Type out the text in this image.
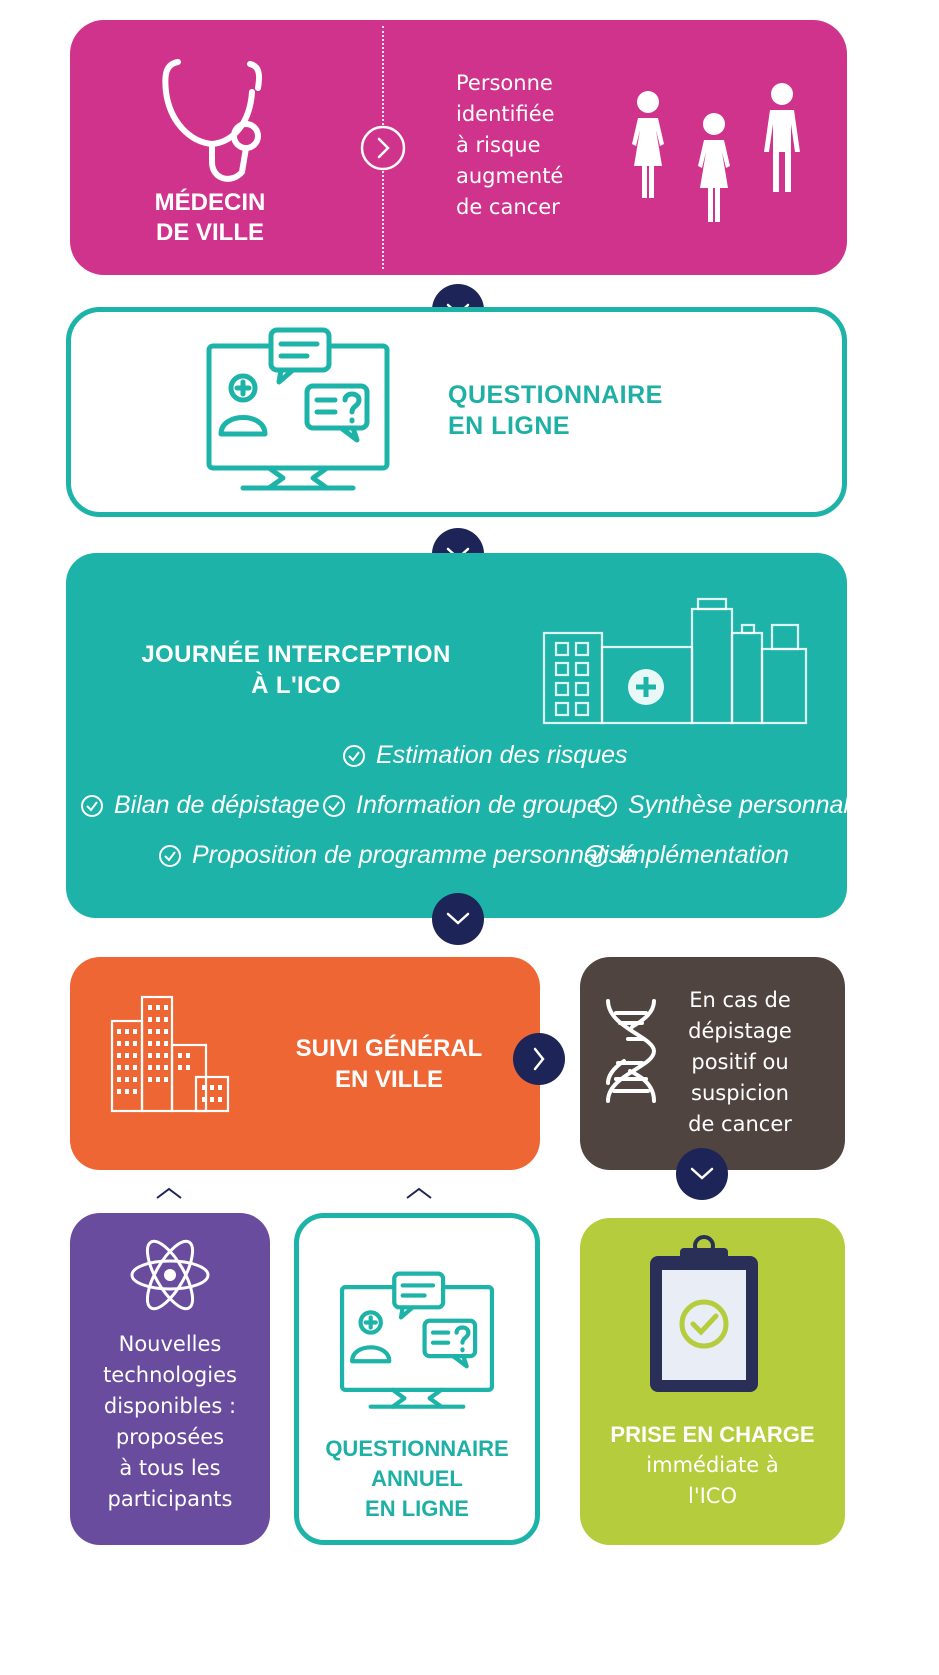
MÉDECIN
DE VILLE
Personne
identifiée
à risque
augmenté
de cancer
QUESTIONNAIRE
EN LIGNE
JOURNÉE INTERCEPTION
À L'ICO
Estimation des risques
Bilan de dépistage Information de groupe Synthèse personnalisée
Proposition de programme personnalisé
Implémentation
SUIVI GÉNÉRAL
EN VILLE
En cas de
dépistage
positif ou
suspicion
de cancer
Nouvelles
technologies
disponibles :
proposées
à tous les
participants
QUESTIONNAIRE
ANNUEL
EN LIGNE
PRISE EN CHARGE
immédiate à
l'ICO
